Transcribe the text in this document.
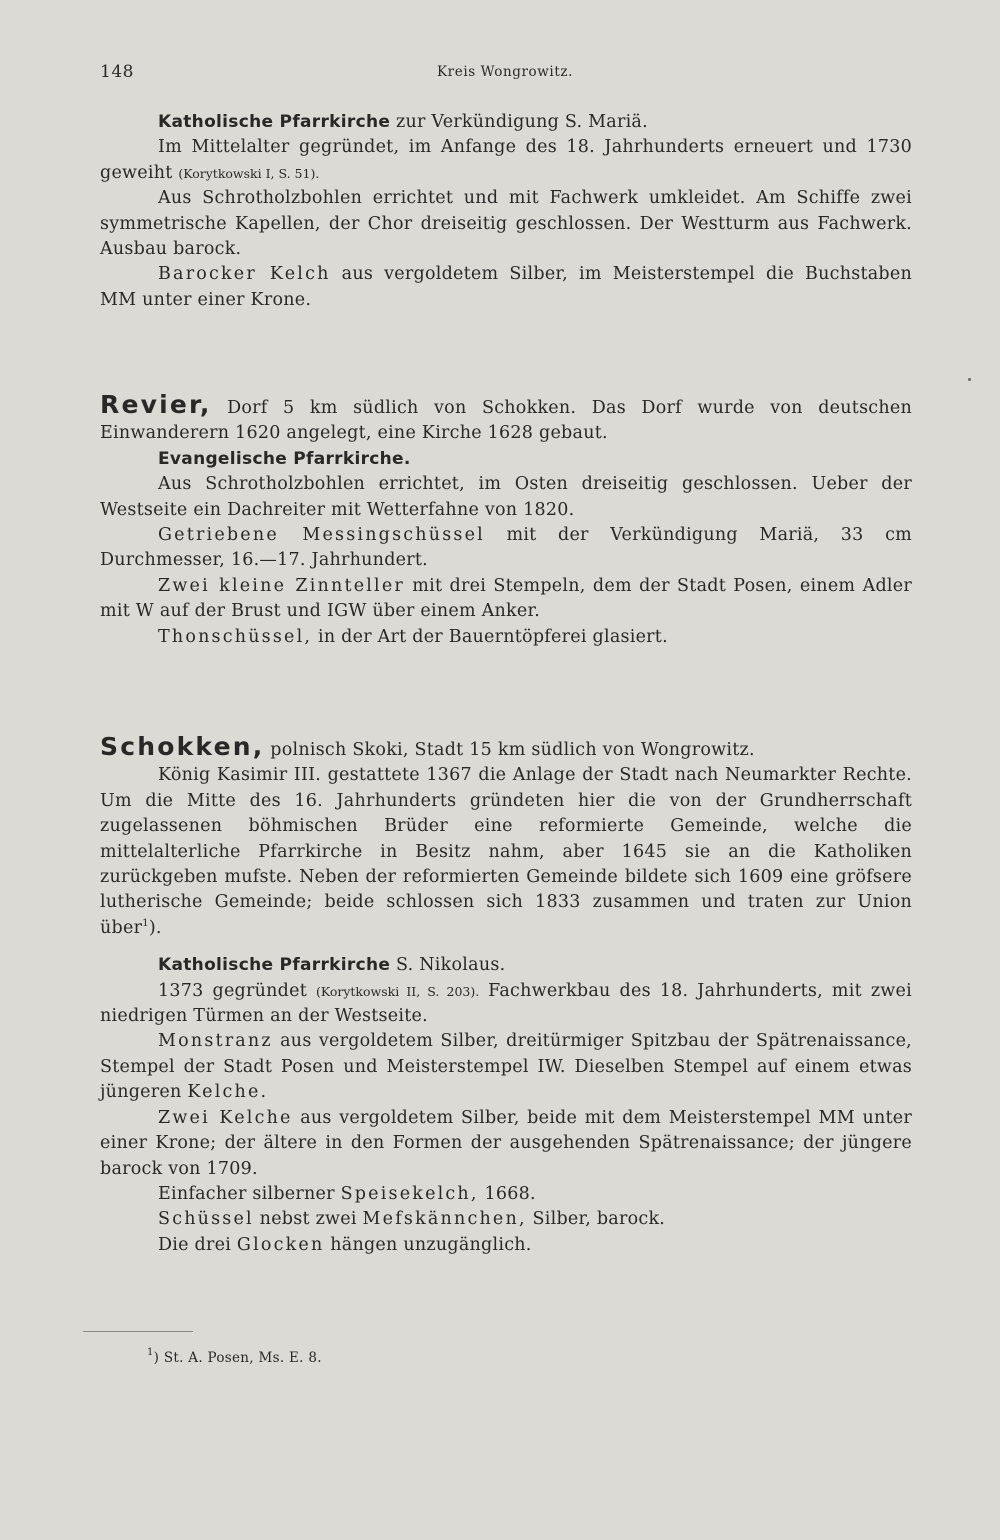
148	Kreis Wongrowitz.

Katholische Pfarrkirche zur Verkündigung S. Mariä.

Im Mittelalter gegründet, im Anfange des 18. Jahrhunderts erneuert und 1730 geweiht (Korytkowski I, S. 51).

Aus Schrotholzbohlen errichtet und mit Fachwerk umkleidet. Am Schiffe zwei symmetrische Kapellen, der Chor dreiseitig geschlossen. Der Westturm aus Fachwerk. Ausbau barock.

Barocker Kelch aus vergoldetem Silber, im Meisterstempel die Buchstaben MM unter einer Krone.

Revier, Dorf 5 km südlich von Schokken. Das Dorf wurde von deutschen Einwanderern 1620 angelegt, eine Kirche 1628 gebaut.

Evangelische Pfarrkirche.

Aus Schrotholzbohlen errichtet, im Osten dreiseitig geschlossen. Ueber der Westseite ein Dachreiter mit Wetterfahne von 1820.

Getriebene Messingschüssel mit der Verkündigung Mariä, 33 cm Durchmesser, 16.—17. Jahrhundert.

Zwei kleine Zinnteller mit drei Stempeln, dem der Stadt Posen, einem Adler mit W auf der Brust und IGW über einem Anker.

Thonschüssel, in der Art der Bauerntöpferei glasiert.

Schokken, polnisch Skoki, Stadt 15 km südlich von Wongrowitz.

König Kasimir III. gestattete 1367 die Anlage der Stadt nach Neumarkter Rechte. Um die Mitte des 16. Jahrhunderts gründeten hier die von der Grundherrschaft zugelassenen böhmischen Brüder eine reformierte Gemeinde, welche die mittelalterliche Pfarrkirche in Besitz nahm, aber 1645 sie an die Katholiken zurückgeben mufste. Neben der reformierten Gemeinde bildete sich 1609 eine gröfsere lutherische Gemeinde; beide schlossen sich 1833 zusammen und traten zur Union über$^1$).

Katholische Pfarrkirche S. Nikolaus.

1373 gegründet (Korytkowski II, S. 203). Fachwerkbau des 18. Jahrhunderts, mit zwei niedrigen Türmen an der Westseite.

Monstranz aus vergoldetem Silber, dreitürmiger Spitzbau der Spätrenaissance, Stempel der Stadt Posen und Meisterstempel IW. Dieselben Stempel auf einem etwas jüngeren Kelche.

Zwei Kelche aus vergoldetem Silber, beide mit dem Meisterstempel MM unter einer Krone; der ältere in den Formen der ausgehenden Spätrenaissance; der jüngere barock von 1709.

Einfacher silberner Speisekelch, 1668.

Schüssel nebst zwei Mefskännchen, Silber, barock.

Die drei Glocken hängen unzugänglich.

$^1$) St. A. Posen, Ms. E. 8.
